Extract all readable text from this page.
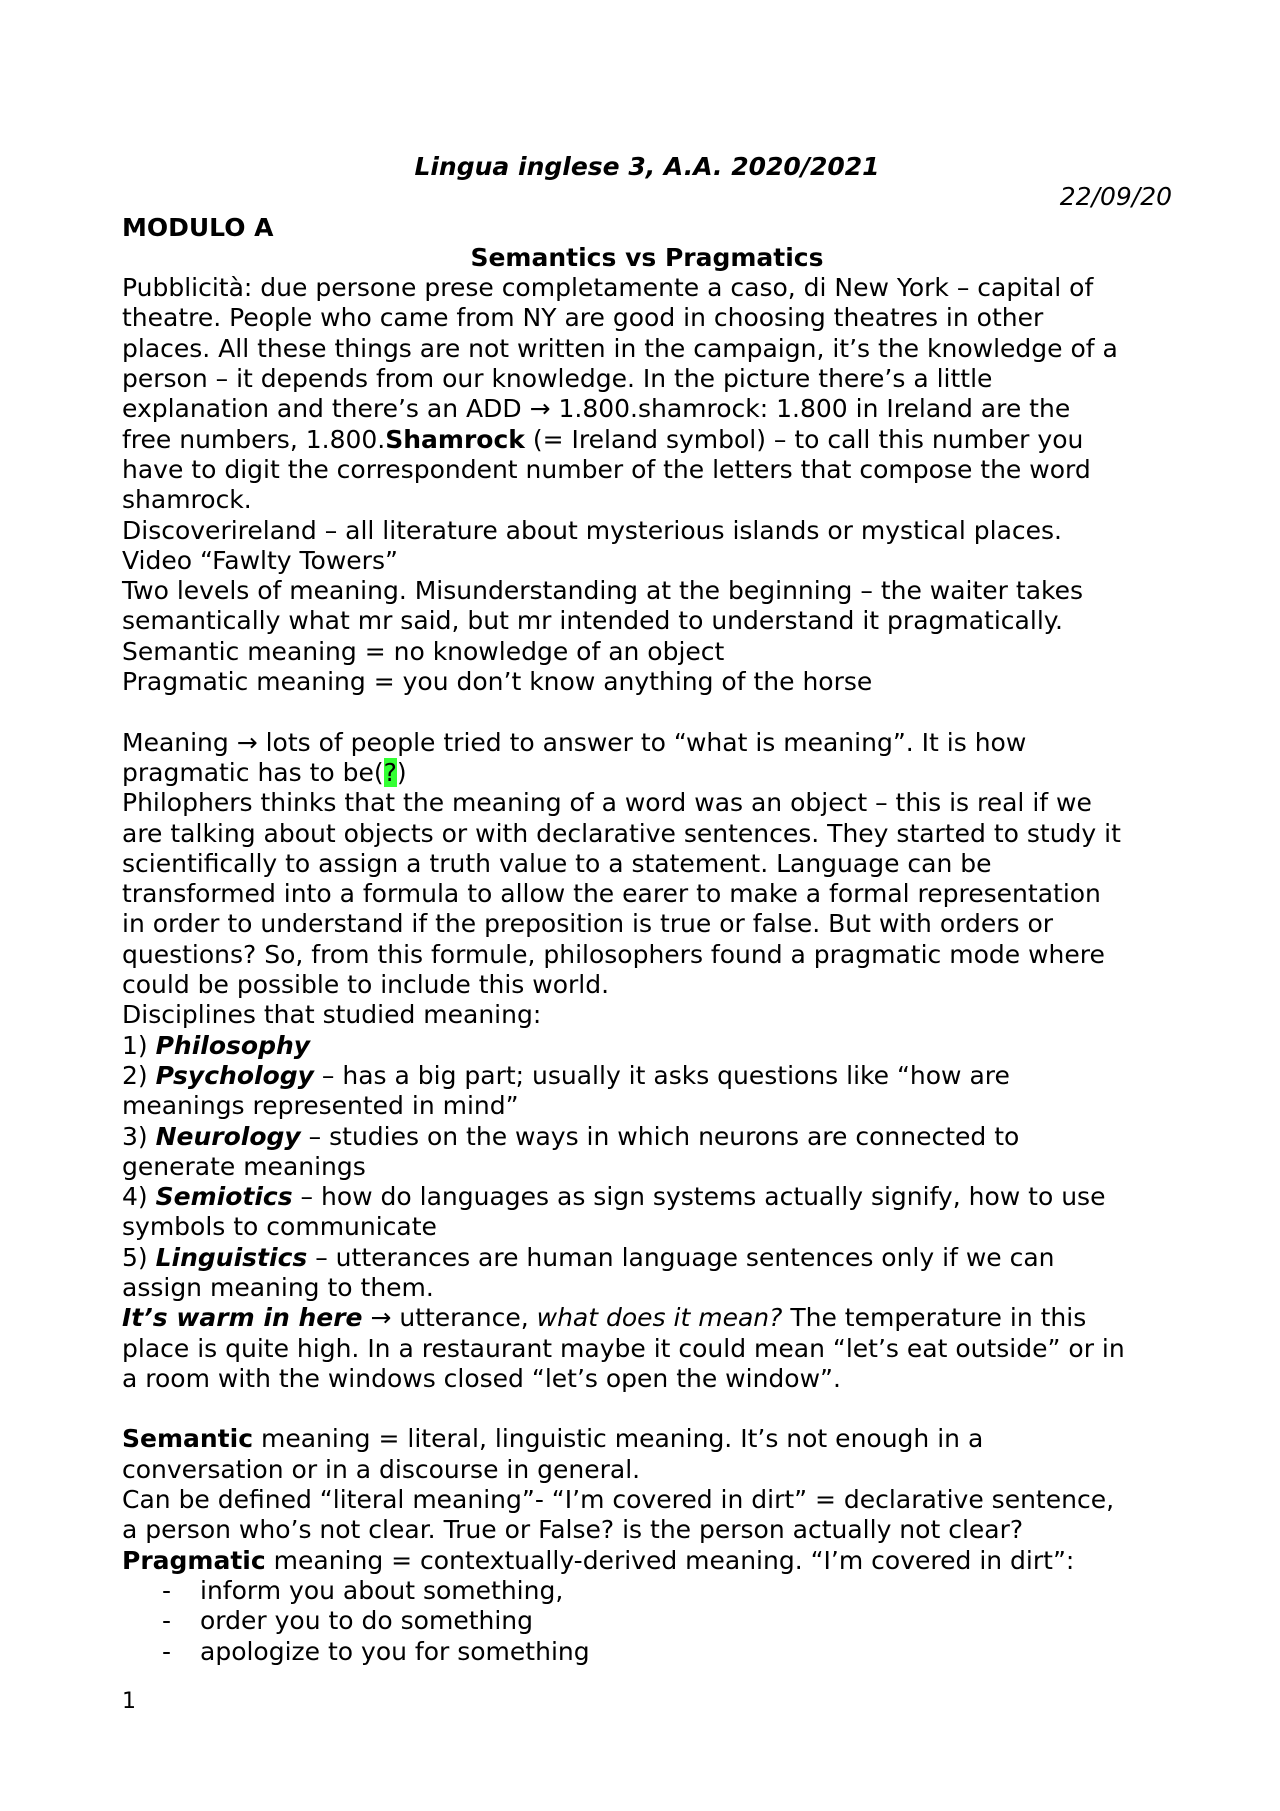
Lingua inglese 3, A.A. 2020/2021

22/09/20

MODULO A

Semantics vs Pragmatics

Pubblicità: due persone prese completamente a caso, di New York – capital of

theatre. People who came from NY are good in choosing theatres in other

places. All these things are not written in the campaign, it’s the knowledge of a

person – it depends from our knowledge. In the picture there’s a little

explanation and there’s an ADD → 1.800.shamrock: 1.800 in Ireland are the

free numbers, 1.800.Shamrock (= Ireland symbol) – to call this number you

have to digit the correspondent number of the letters that compose the word

shamrock.

Discoverireland – all literature about mysterious islands or mystical places.

Video “Fawlty Towers”

Two levels of meaning. Misunderstanding at the beginning – the waiter takes

semantically what mr said, but mr intended to understand it pragmatically.

Semantic meaning = no knowledge of an object

Pragmatic meaning = you don’t know anything of the horse

Meaning → lots of people tried to answer to “what is meaning”. It is how

pragmatic has to be(?)

Philophers thinks that the meaning of a word was an object – this is real if we

are talking about objects or with declarative sentences. They started to study it

scientifically to assign a truth value to a statement. Language can be

transformed into a formula to allow the earer to make a formal representation

in order to understand if the preposition is true or false. But with orders or

questions? So, from this formule, philosophers found a pragmatic mode where

could be possible to include this world.

Disciplines that studied meaning:

1) Philosophy

2) Psychology – has a big part; usually it asks questions like “how are

meanings represented in mind”

3) Neurology – studies on the ways in which neurons are connected to

generate meanings

4) Semiotics – how do languages as sign systems actually signify, how to use

symbols to communicate

5) Linguistics – utterances are human language sentences only if we can

assign meaning to them.

It’s warm in here → utterance, what does it mean? The temperature in this

place is quite high. In a restaurant maybe it could mean “let’s eat outside” or in

a room with the windows closed “let’s open the window”.

Semantic meaning = literal, linguistic meaning. It’s not enough in a

conversation or in a discourse in general.

Can be defined “literal meaning”- “I’m covered in dirt” = declarative sentence,

a person who’s not clear. True or False? is the person actually not clear?

Pragmatic meaning = contextually-derived meaning. “I’m covered in dirt”:

- inform you about something,
- order you to do something
- apologize to you for something
1
